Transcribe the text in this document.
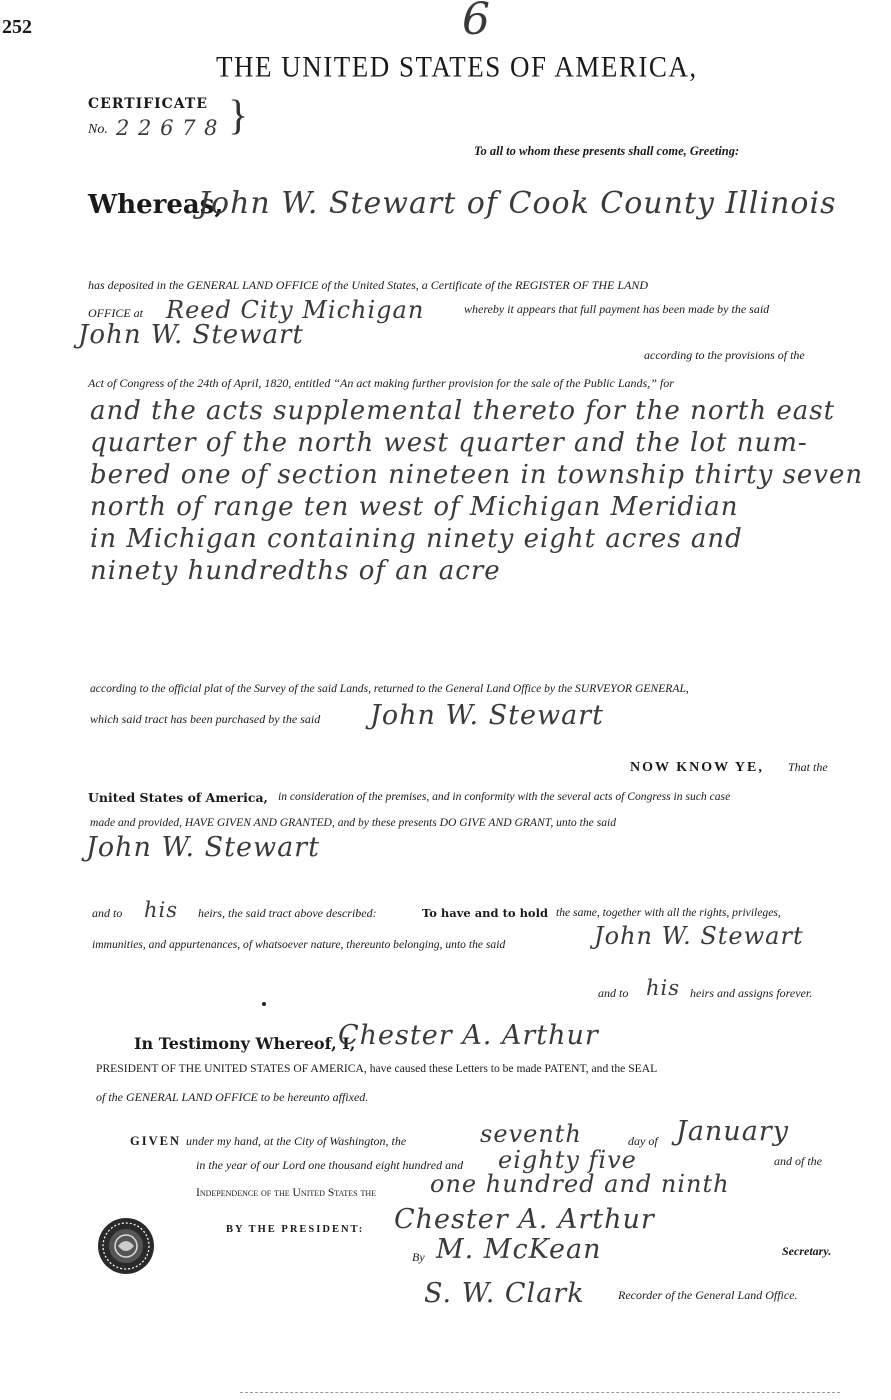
252	6
THE UNITED STATES OF AMERICA,
CERTIFICATE
No. 2 2 6 7 8 }
To all to whom these presents shall come, Greeting:
Whereas,
John W. Stewart of Cook County Illinois
has deposited in the GENERAL LAND OFFICE of the United States, a Certificate of the REGISTER OF THE LAND
OFFICE at Reed City Michigan	whereby it appears that full payment has been made by the said
John W. Stewart
according to the provisions of the
Act of Congress of the 24th of April, 1820, entitled “An act making further provision for the sale of the Public Lands,” for
and the acts supplemental thereto for the north east
quarter of the north west quarter and the lot num-
bered one of section nineteen in township thirty seven
north of range ten west of Michigan Meridian
in Michigan containing ninety eight acres and
ninety hundredths of an acre
according to the official plat of the Survey of the said Lands, returned to the General Land Office by the SURVEYOR GENERAL,
which said tract has been purchased by the said John W. Stewart
NOW KNOW YE, That the
United States of America, in consideration of the premises, and in conformity with the several acts of Congress in such case
made and provided, HAVE GIVEN AND GRANTED, and by these presents DO GIVE AND GRANT, unto the said
John W. Stewart
and to his heirs, the said tract above described:	To have and to hold the same, together with all the rights, privileges,
immunities, and appurtenances, of whatsoever nature, thereunto belonging, unto the said	John W. Stewart
and to his heirs and assigns forever.
In Testimony Whereof, I,
Chester A. Arthur
PRESIDENT OF THE UNITED STATES OF AMERICA, have caused these Letters to be made PATENT, and the SEAL
of the GENERAL LAND OFFICE to be hereunto affixed.
GIVEN under my hand, at the City of Washington, the	seventh	day of January
in the year of our Lord one thousand eight hundred and eighty five	and of the
Independence of the United States the one hundred and ninth
BY THE PRESIDENT: Chester A. Arthur
By M. McKean	Secretary.
S. W. Clark	Recorder of the General Land Office.
